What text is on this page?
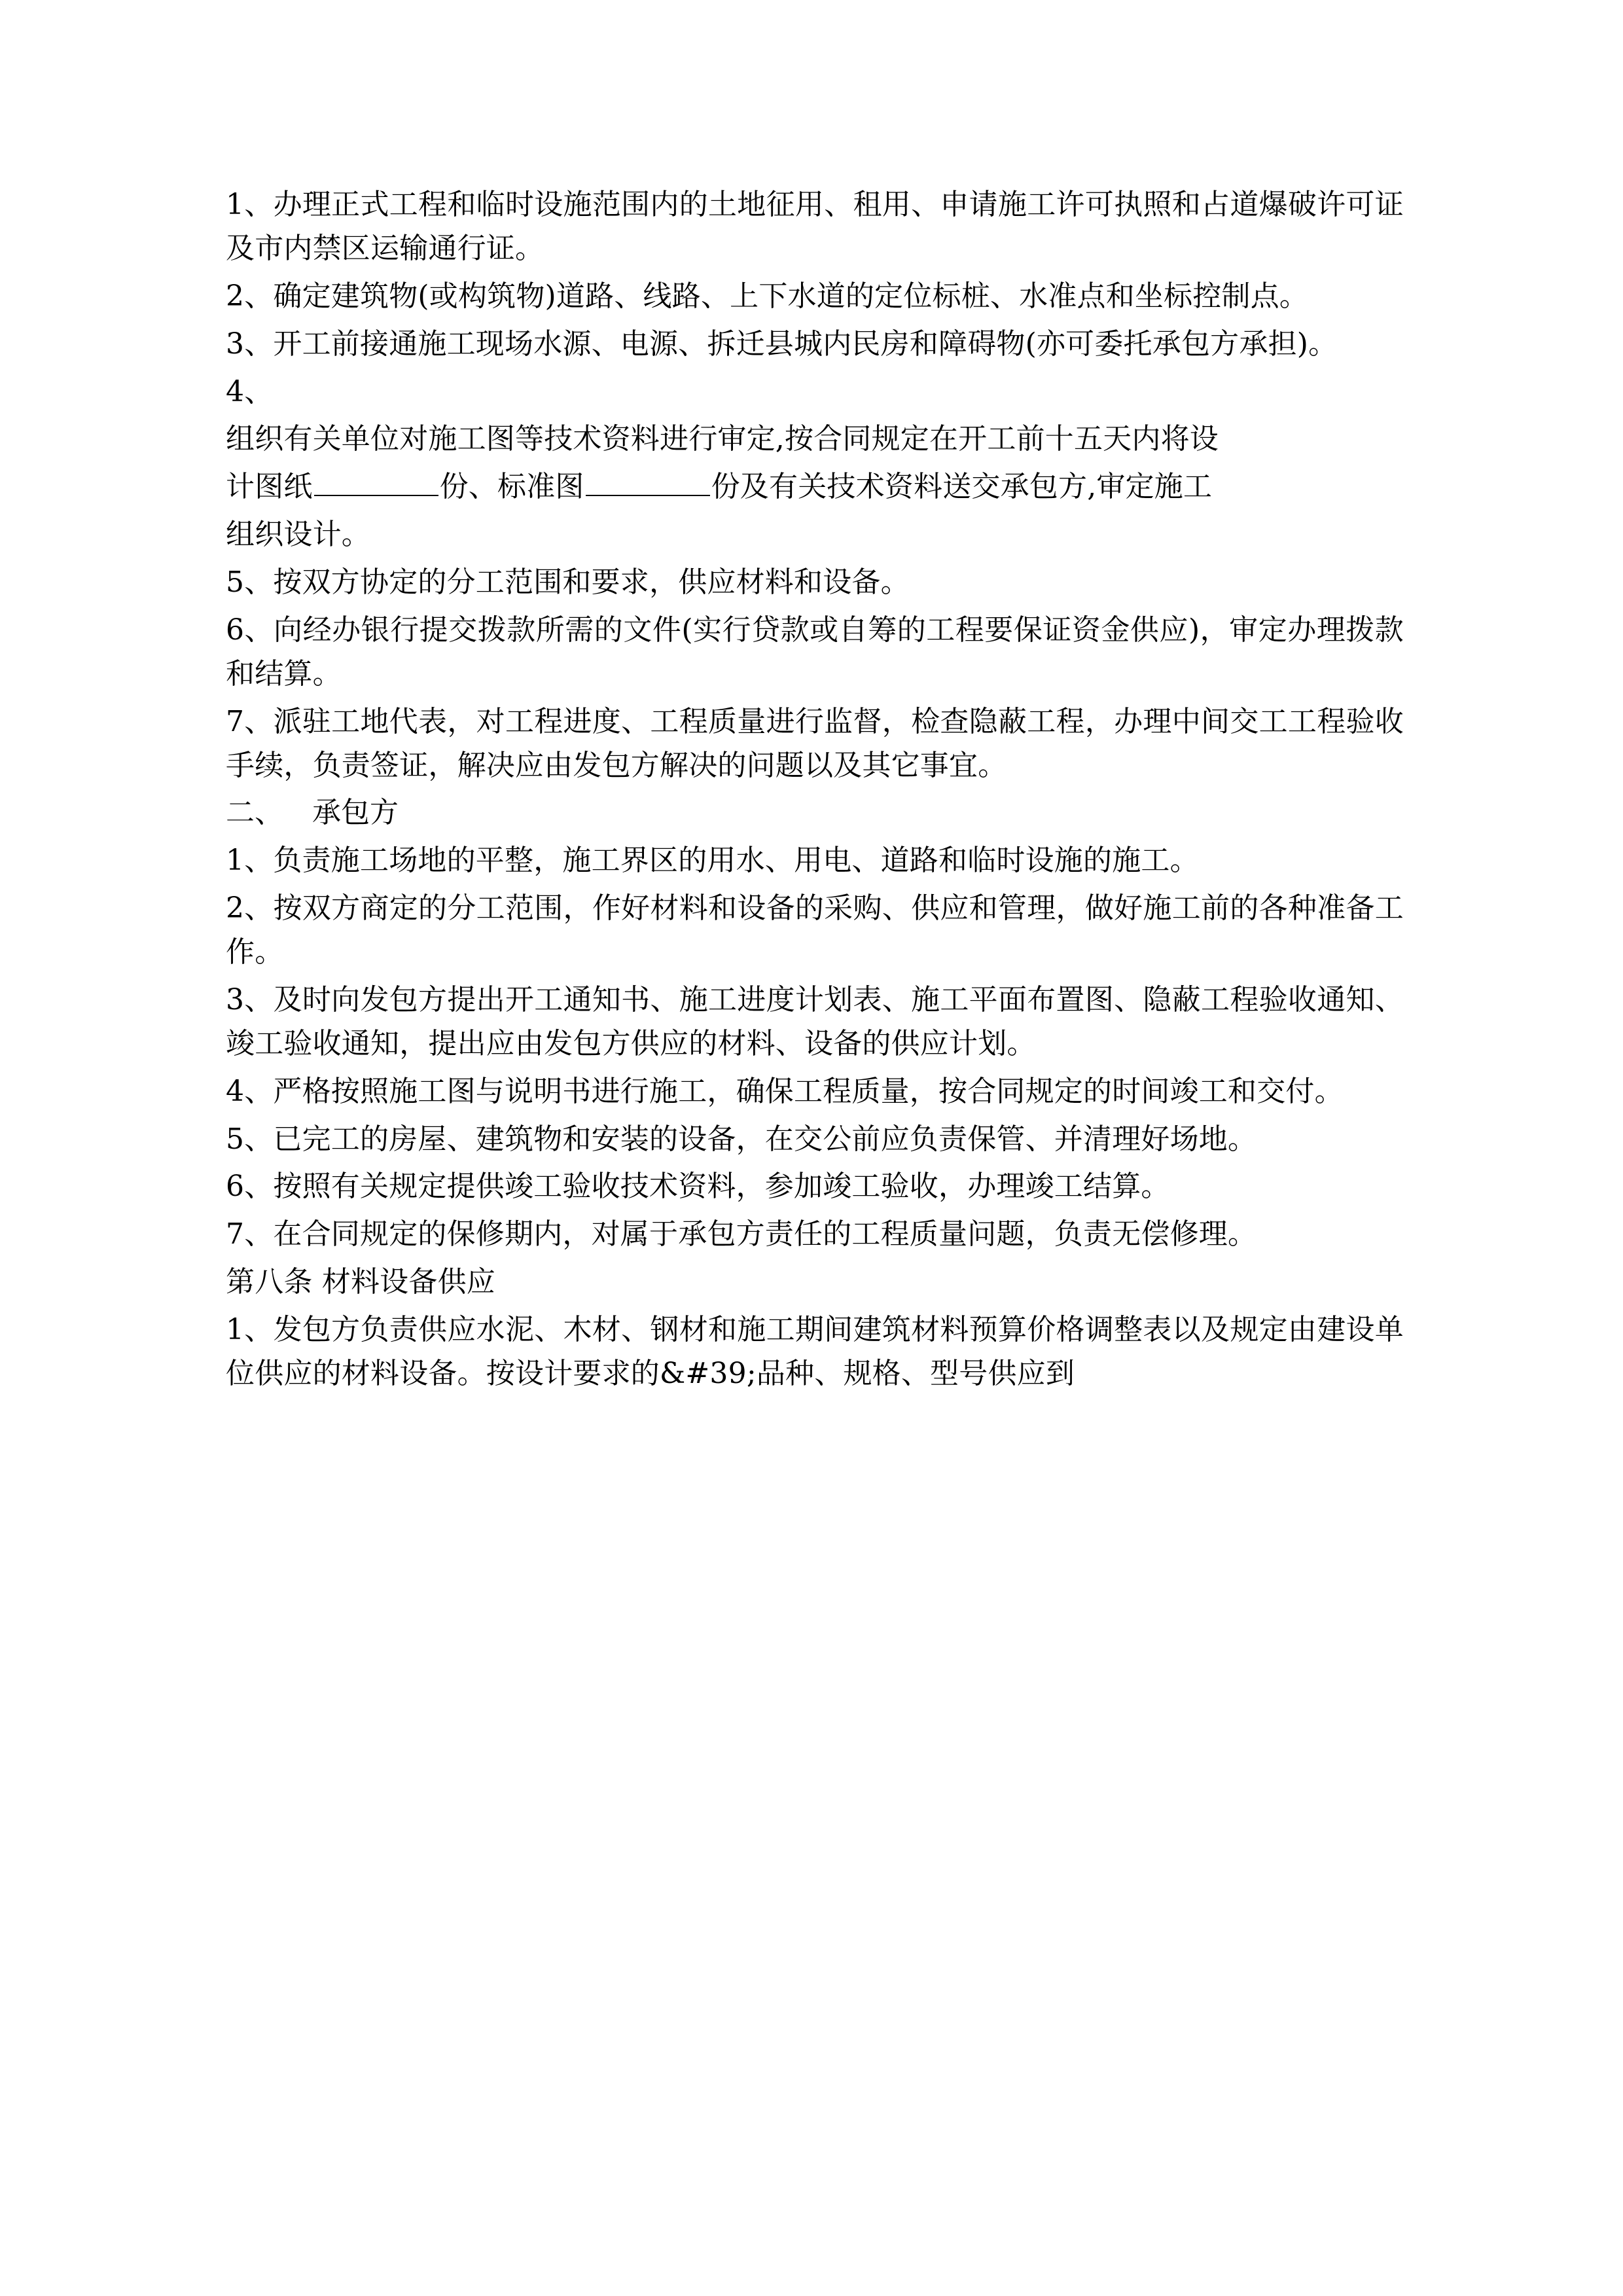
1、办理正式工程和临时设施范围内的土地征用、租用、申请施工许可执照和占道爆破许可证及市内禁区运输通行证。

2、确定建筑物(或构筑物)道路、线路、上下水道的定位标桩、水准点和坐标控制点。

3、开工前接通施工现场水源、电源、拆迁县城内民房和障碍物(亦可委托承包方承担)。

4、

组织有关单位对施工图等技术资料进行审定,按合同规定在开工前十五天内将设

计图纸	份、标准图	份及有关技术资料送交承包方,审定施工

组织设计。

5、按双方协定的分工范围和要求，供应材料和设备。

6、向经办银行提交拨款所需的文件(实行贷款或自筹的工程要保证资金供应)，审定办理拨款和结算。

7、派驻工地代表，对工程进度、工程质量进行监督，检查隐蔽工程，办理中间交工工程验收手续，负责签证，解决应由发包方解决的问题以及其它事宜。

二、 承包方

1、负责施工场地的平整，施工界区的用水、用电、道路和临时设施的施工。

2、按双方商定的分工范围，作好材料和设备的采购、供应和管理，做好施工前的各种准备工作。

3、及时向发包方提出开工通知书、施工进度计划表、施工平面布置图、隐蔽工程验收通知、竣工验收通知，提出应由发包方供应的材料、设备的供应计划。

4、严格按照施工图与说明书进行施工，确保工程质量，按合同规定的时间竣工和交付。

5、已完工的房屋、建筑物和安装的设备，在交公前应负责保管、并清理好场地。

6、按照有关规定提供竣工验收技术资料，参加竣工验收，办理竣工结算。

7、在合同规定的保修期内，对属于承包方责任的工程质量问题，负责无偿修理。

第八条 材料设备供应

1、发包方负责供应水泥、木材、钢材和施工期间建筑材料预算价格调整表以及规定由建设单位供应的材料设备。按设计要求的&#39;品种、规格、型号供应到
